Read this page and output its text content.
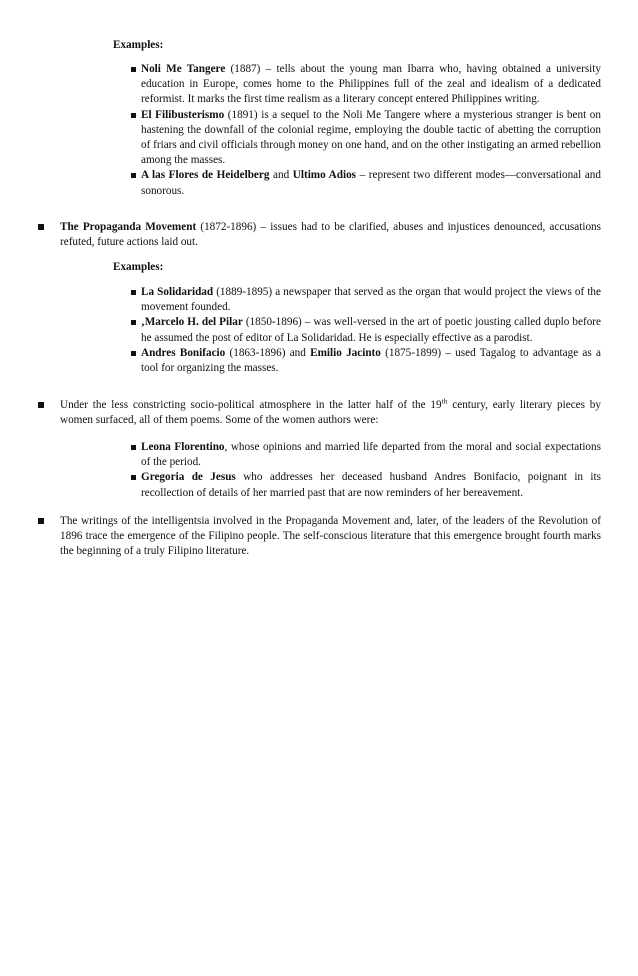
Examples:
Noli Me Tangere (1887) – tells about the young man Ibarra who, having obtained a university education in Europe, comes home to the Philippines full of the zeal and idealism of a dedicated reformist. It marks the first time realism as a literary concept entered Philippines writing.
El Filibusterismo (1891) is a sequel to the Noli Me Tangere where a mysterious stranger is bent on hastening the downfall of the colonial regime, employing the double tactic of abetting the corruption of friars and civil officials through money on one hand, and on the other instigating an armed rebellion among the masses.
A las Flores de Heidelberg and Ultimo Adios – represent two different modes—conversational and sonorous.
The Propaganda Movement (1872-1896) – issues had to be clarified, abuses and injustices denounced, accusations refuted, future actions laid out.
Examples:
La Solidaridad (1889-1895) a newspaper that served as the organ that would project the views of the movement founded.
‚Marcelo H. del Pilar (1850-1896) – was well-versed in the art of poetic jousting called duplo before he assumed the post of editor of La Solidaridad. He is especially effective as a parodist.
Andres Bonifacio (1863-1896) and Emilio Jacinto (1875-1899) – used Tagalog to advantage as a tool for organizing the masses.
Under the less constricting socio-political atmosphere in the latter half of the 19th century, early literary pieces by women surfaced, all of them poems. Some of the women authors were:
Leona Florentino, whose opinions and married life departed from the moral and social expectations of the period.
Gregoria de Jesus who addresses her deceased husband Andres Bonifacio, poignant in its recollection of details of her married past that are now reminders of her bereavement.
The writings of the intelligentsia involved in the Propaganda Movement and, later, of the leaders of the Revolution of 1896 trace the emergence of the Filipino people. The self-conscious literature that this emergence brought fourth marks the beginning of a truly Filipino literature.
